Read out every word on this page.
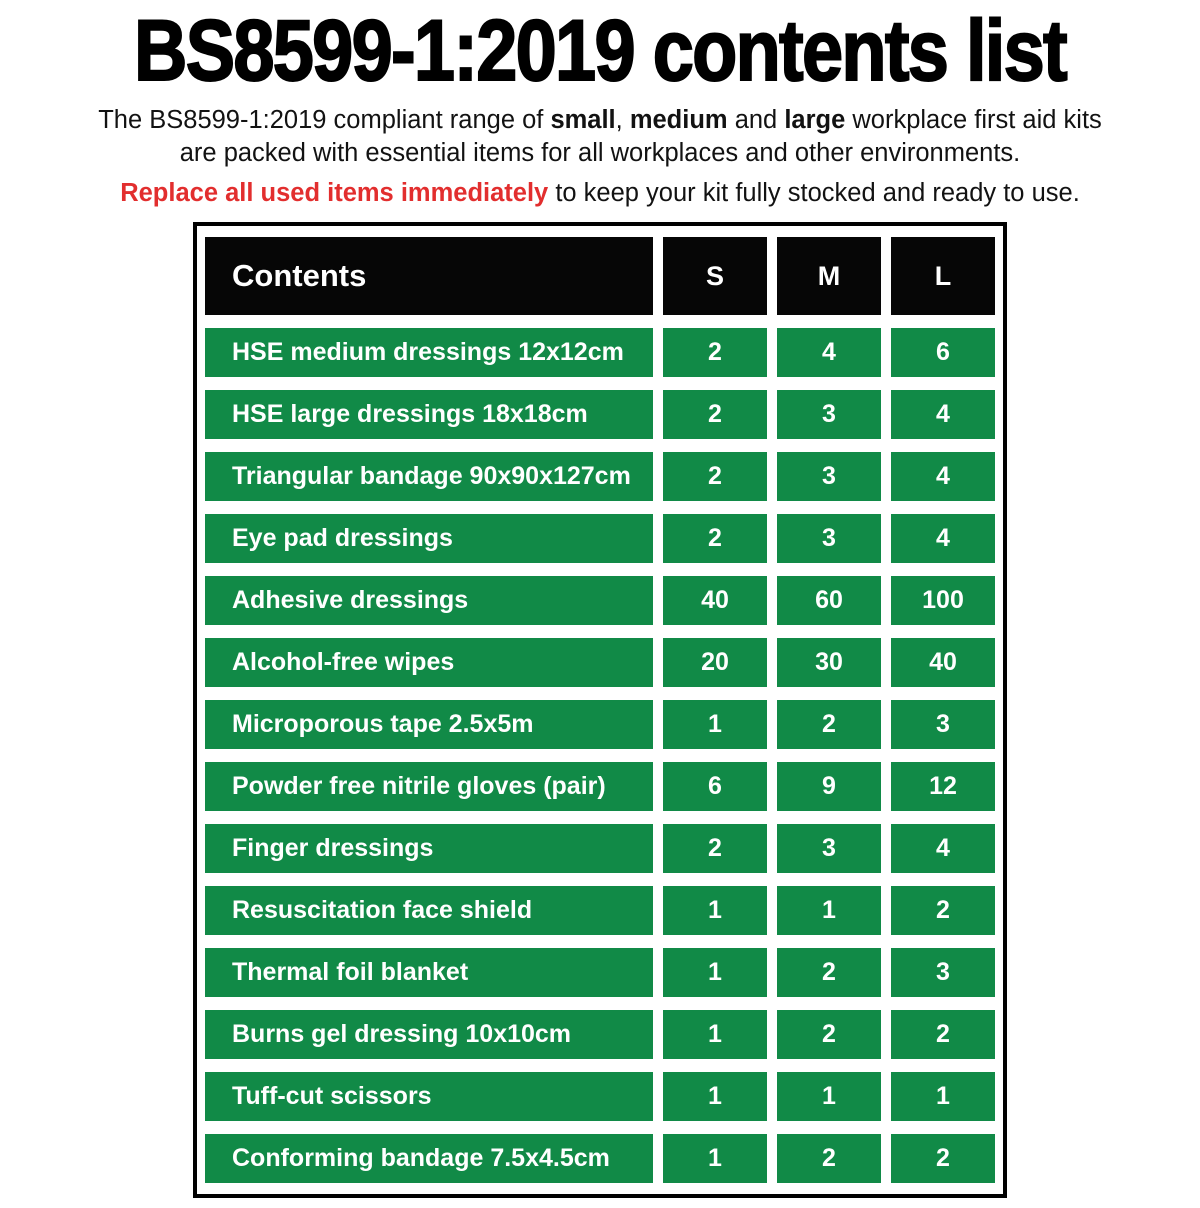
BS8599-1:2019 contents list

The BS8599-1:2019 compliant range of small, medium and large workplace first aid kits
are packed with essential items for all workplaces and other environments.

Replace all used items immediately to keep your kit fully stocked and ready to use.

Contents	S	M	L
HSE medium dressings 12x12cm	2	4	6
HSE large dressings 18x18cm	2	3	4
Triangular bandage 90x90x127cm	2	3	4
Eye pad dressings	2	3	4
Adhesive dressings	40	60	100
Alcohol-free wipes	20	30	40
Microporous tape 2.5x5m	1	2	3
Powder free nitrile gloves (pair)	6	9	12
Finger dressings	2	3	4
Resuscitation face shield	1	1	2
Thermal foil blanket	1	2	3
Burns gel dressing 10x10cm	1	2	2
Tuff-cut scissors	1	1	1
Conforming bandage 7.5x4.5cm	1	2	2
